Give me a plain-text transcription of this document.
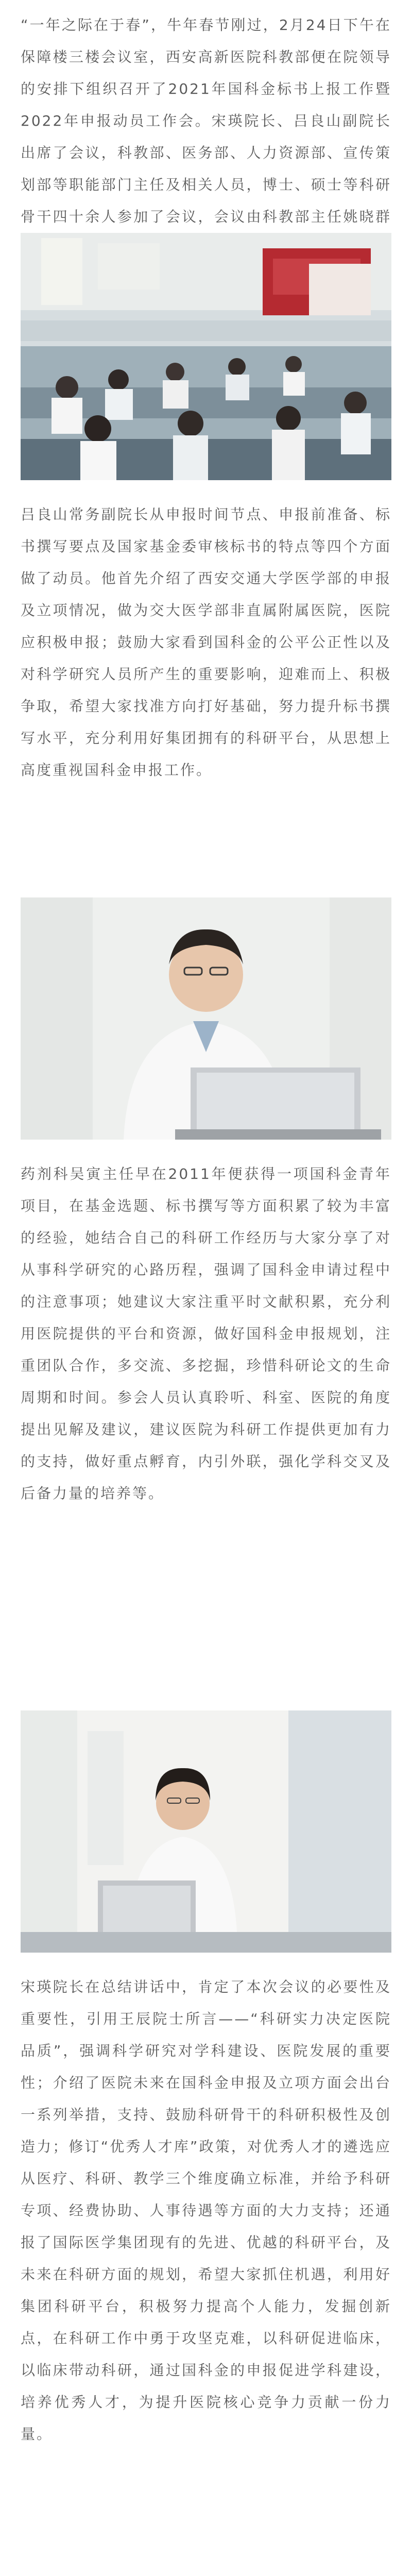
“一年之际在于春”，牛年春节刚过，2月24日下午在保障楼三楼会议室，西安高新医院科教部便在院领导的安排下组织召开了2021年国科金标书上报工作暨2022年申报动员工作会。宋瑛院长、吕良山副院长出席了会议，科教部、医务部、人力资源部、宣传策划部等职能部门主任及相关人员，博士、硕士等科研骨干四十余人参加了会议，会议由科教部主任姚晓群

吕良山常务副院长从申报时间节点、申报前准备、标书撰写要点及国家基金委审核标书的特点等四个方面做了动员。他首先介绍了西安交通大学医学部的申报及立项情况，做为交大医学部非直属附属医院，医院应积极申报；鼓励大家看到国科金的公平公正性以及对科学研究人员所产生的重要影响，迎难而上、积极争取，希望大家找准方向打好基础，努力提升标书撰写水平，充分利用好集团拥有的科研平台，从思想上高度重视国科金申报工作。

药剂科吴寅主任早在2011年便获得一项国科金青年项目，在基金选题、标书撰写等方面积累了较为丰富的经验，她结合自己的科研工作经历与大家分享了对从事科学研究的心路历程，强调了国科金申请过程中的注意事项；她建议大家注重平时文献积累，充分利用医院提供的平台和资源，做好国科金申报规划，注重团队合作，多交流、多挖掘，珍惜科研论文的生命周期和时间。参会人员认真聆听、科室、医院的角度提出见解及建议，建议医院为科研工作提供更加有力的支持，做好重点孵育，内引外联，强化学科交叉及后备力量的培养等。

宋瑛院长在总结讲话中，肯定了本次会议的必要性及重要性，引用王辰院士所言——“科研实力决定医院品质”，强调科学研究对学科建设、医院发展的重要性；介绍了医院未来在国科金申报及立项方面会出台一系列举措，支持、鼓励科研骨干的科研积极性及创造力；修订“优秀人才库”政策，对优秀人才的遴选应从医疗、科研、教学三个维度确立标准，并给予科研专项、经费协助、人事待遇等方面的大力支持；还通报了国际医学集团现有的先进、优越的科研平台，及未来在科研方面的规划，希望大家抓住机遇，利用好集团科研平台，积极努力提高个人能力，发掘创新点，在科研工作中勇于攻坚克难，以科研促进临床，以临床带动科研，通过国科金的申报促进学科建设，培养优秀人才，为提升医院核心竞争力贡献一份力量。
